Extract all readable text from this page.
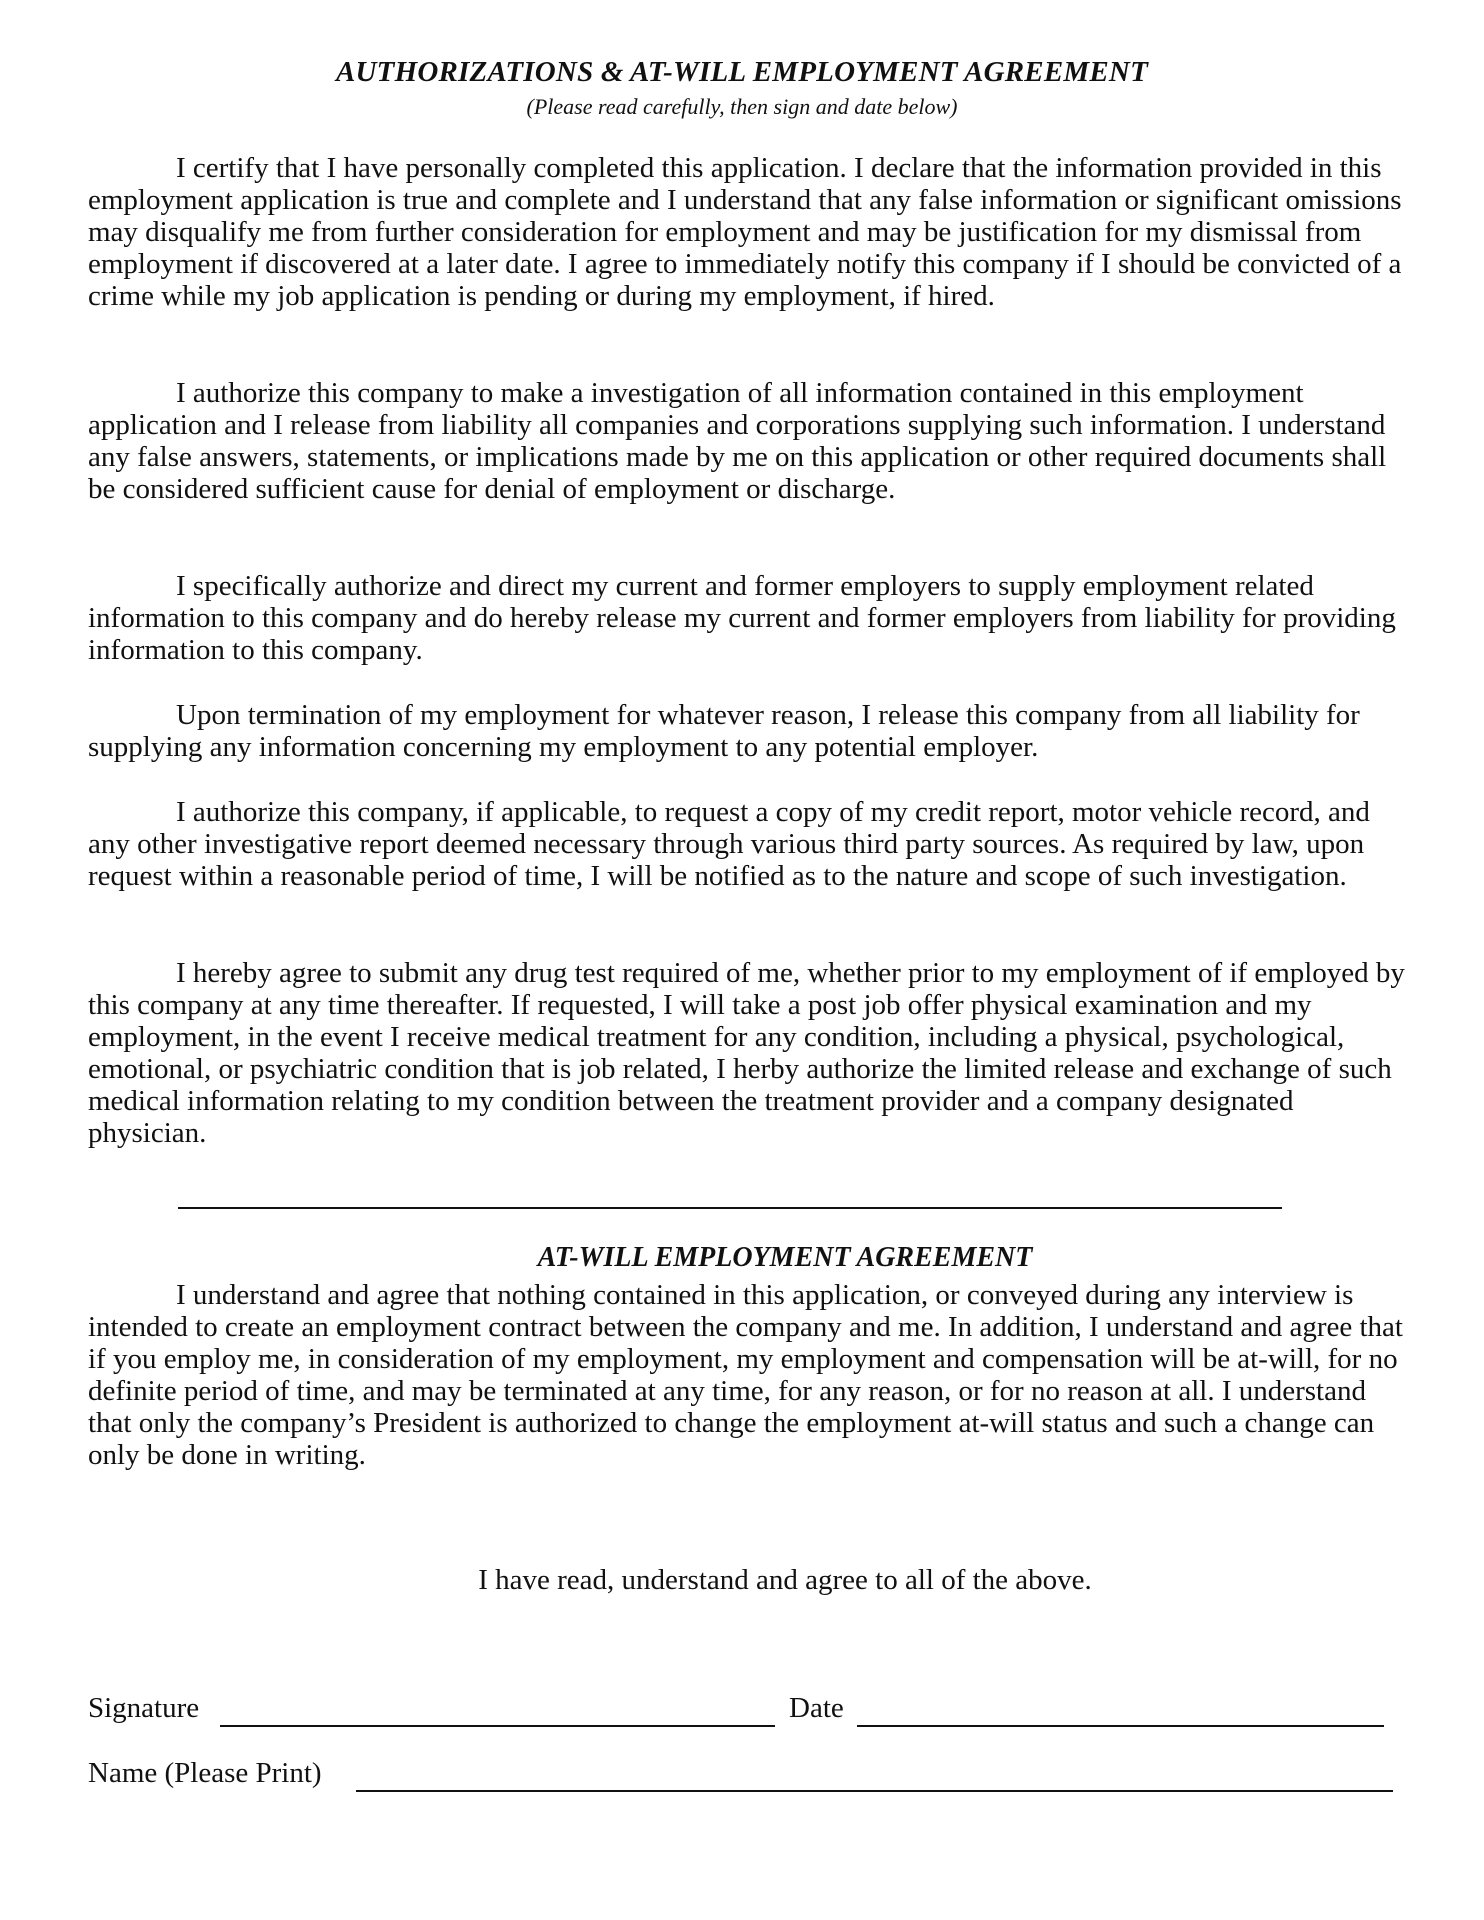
AUTHORIZATIONS & AT-WILL EMPLOYMENT AGREEMENT
(Please read carefully, then sign and date below)

I certify that I have personally completed this application. I declare that the information provided in this employment application is true and complete and I understand that any false information or significant omissions may disqualify me from further consideration for employment and may be justification for my dismissal from employment if discovered at a later date. I agree to immediately notify this company if I should be convicted of a crime while my job application is pending or during my employment, if hired.

I authorize this company to make a investigation of all information contained in this employment application and I release from liability all companies and corporations supplying such information. I understand any false answers, statements, or implications made by me on this application or other required documents shall be considered sufficient cause for denial of employment or discharge.

I specifically authorize and direct my current and former employers to supply employment related information to this company and do hereby release my current and former employers from liability for providing information to this company.

Upon termination of my employment for whatever reason, I release this company from all liability for supplying any information concerning my employment to any potential employer.

I authorize this company, if applicable, to request a copy of my credit report, motor vehicle record, and any other investigative report deemed necessary through various third party sources. As required by law, upon request within a reasonable period of time, I will be notified as to the nature and scope of such investigation.

I hereby agree to submit any drug test required of me, whether prior to my employment of if employed by this company at any time thereafter. If requested, I will take a post job offer physical examination and my employment, in the event I receive medical treatment for any condition, including a physical, psychological, emotional, or psychiatric condition that is job related, I herby authorize the limited release and exchange of such medical information relating to my condition between the treatment provider and a company designated physician.

AT-WILL EMPLOYMENT AGREEMENT

I understand and agree that nothing contained in this application, or conveyed during any interview is intended to create an employment contract between the company and me. In addition, I understand and agree that if you employ me, in consideration of my employment, my employment and compensation will be at-will, for no definite period of time, and may be terminated at any time, for any reason, or for no reason at all. I understand that only the company’s President is authorized to change the employment at-will status and such a change can only be done in writing.

I have read, understand and agree to all of the above.

Signature	Date
Name (Please Print)
